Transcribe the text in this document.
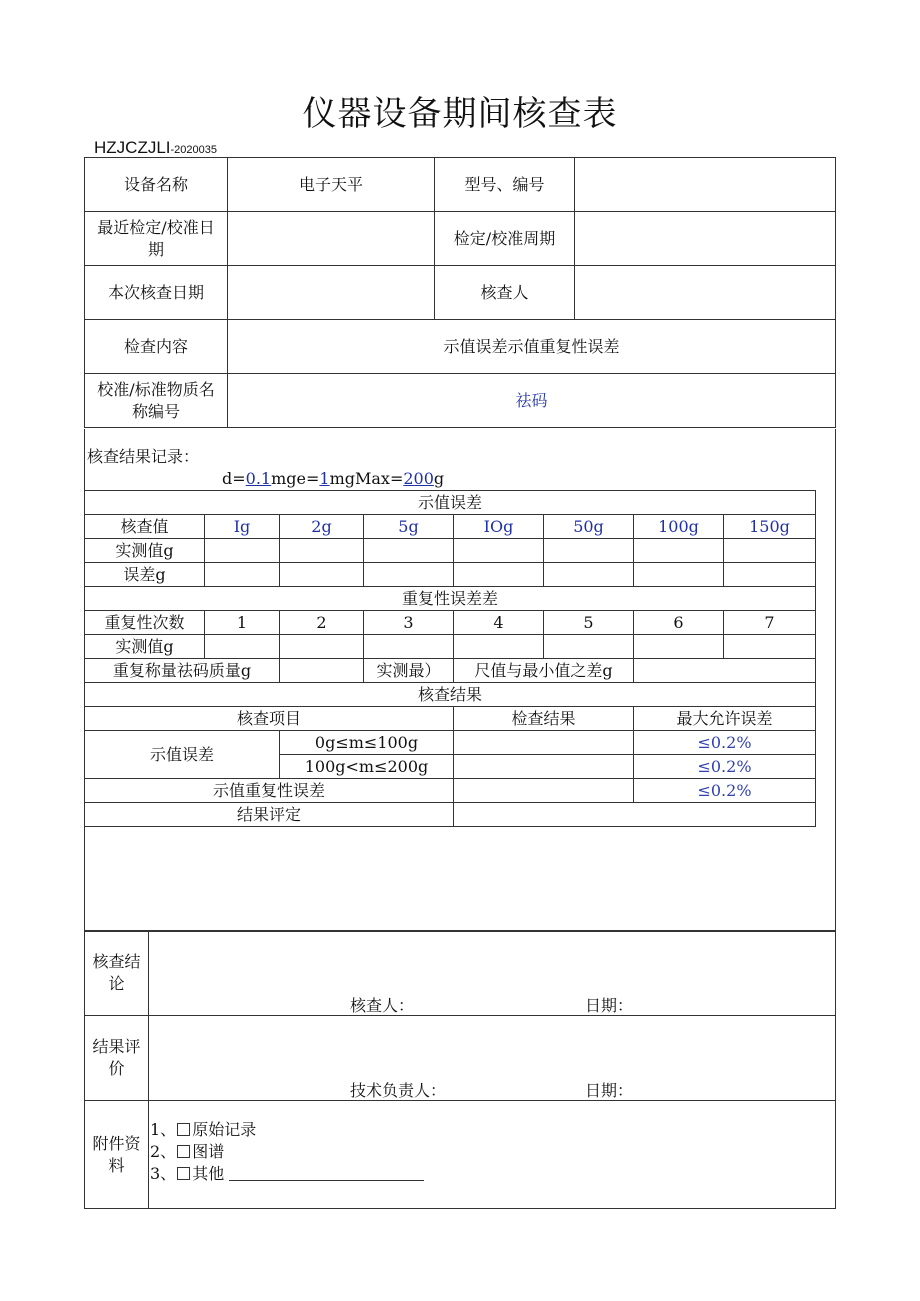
仪器设备期间核查表
HZJCZJLI-2020035
设备名称	电子天平	型号、编号	
最近检定/校准日期		检定/校准周期	
本次核查日期		核查人	
检查内容	示值误差示值重复性误差		
校准/标准物质名称编号	祛码		
核查结果记录：
d=0.1mge=1mgMax=200g
示值误差							
核查值	Ig	2g	5g	IOg	50g	100g	150g
实测值g							
误差g							
重复性误差差							
重复性次数	1	2	3	4	5	6	7
实测值g							
重复称量祛码质量g			实测最）	尺值与最小值之差g			
核查结果							
核查项目				检查结果		最大允许误差	
示值误差		0g≤m≤100g				≤0.2%	
		100g<m≤200g				≤0.2%	
示值重复性误差						≤0.2%	
结果评定							
核查结论	核查人： 日期：

结果评价	技术负责人： 日期：

附件资料	1、 原始记录
2、 图谱
3、 其他
